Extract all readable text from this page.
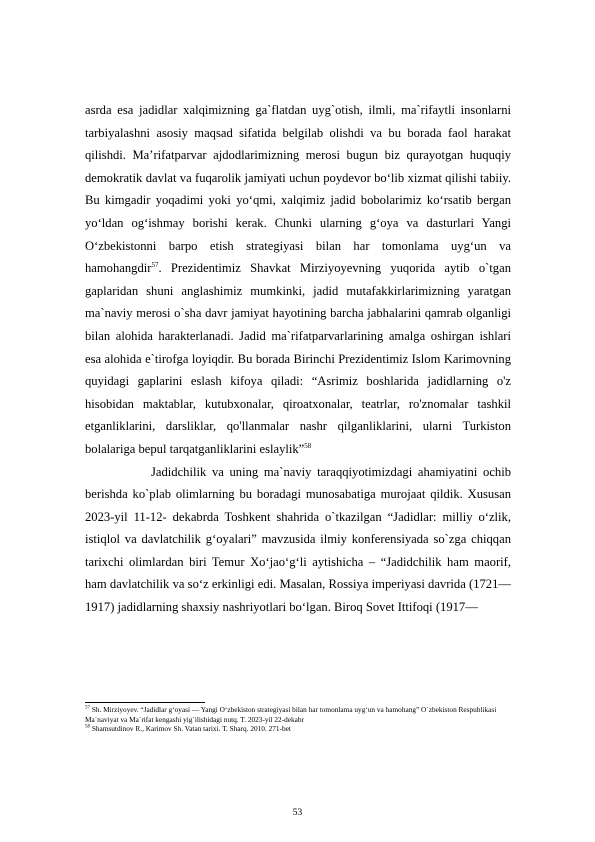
asrda esa jadidlar xalqimizning ga`flatdan uyg`otish, ilmli, ma`rifaytli insonlarni tarbiyalashni asosiy maqsad sifatida belgilab olishdi va bu borada faol harakat qilishdi. Ma’rifatparvar ajdodlarimizning merosi bugun biz qurayotgan huquqiy demokratik davlat va fuqarolik jamiyati uchun poydevor bo‘lib xizmat qilishi tabiiy. Bu kimgadir yoqadimi yoki yo‘qmi, xalqimiz jadid bobolarimiz ko‘rsatib bergan yo‘ldan og‘ishmay borishi kerak. Chunki ularning g‘oya va dasturlari Yangi O‘zbekistonni barpo etish strategiyasi bilan har tomonlama uyg‘un va hamohangdir$^{57}$. Prezidentimiz Shavkat Mirziyoyevning yuqorida aytib o`tgan gaplaridan shuni anglashimiz mumkinki, jadid mutafakkirlarimizning yaratgan ma`naviy merosi o`sha davr jamiyat hayotining barcha jabhalarini qamrab olganligi bilan alohida harakterlanadi. Jadid ma`rifatparvarlarining amalga oshirgan ishlari esa alohida e`tirofga loyiqdir. Bu borada Birinchi Prezidentimiz Islom Karimovning quyidagi gaplarini eslash kifoya qiladi: “Asrimiz boshlarida jadidlarning o'z hisobidan maktablar, kutubxonalar, qiroatxonalar, teatrlar, ro'znomalar tashkil etganliklarini, darsliklar, qo'llanmalar nashr qilganliklarini, ularni Turkiston bolalariga bepul tarqatganliklarini eslaylik”$^{58}$

Jadidchilik va uning ma`naviy taraqqiyotimizdagi ahamiyatini ochib berishda ko`plab olimlarning bu boradagi munosabatiga murojaat qildik. Xususan 2023-yil 11-12- dekabrda Toshkent shahrida o`tkazilgan “Jadidlar: milliy o‘zlik, istiqlol va davlatchilik g‘oyalari” mavzusida ilmiy konferensiyada so`zga chiqqan tarixchi olimlardan biri Temur Xo‘jao‘g‘li aytishicha – “Jadidchilik ham maorif, ham davlatchilik va so‘z erkinligi edi. Masalan, Rossiya imperiyasi davrida (1721—1917) jadidlarning shaxsiy nashriyotlari bo‘lgan. Biroq Sovet Ittifoqi (1917—

$^{57}$ Sh. Mirziyoyev. “Jadidlar g‘oyasi — Yangi O‘zbekiston strategiyasi bilan har tomonlama uyg‘un va hamohang” O`zbekiston Respublikasi Ma`naviyat va Ma`rifat kengashi yig`ilishidagi nutq. T. 2023-yil 22-dekabr

$^{58}$ Shamsutdinov R., Karimov Sh. Vatan tarixi. T. Sharq. 2010. 271-bet

53
